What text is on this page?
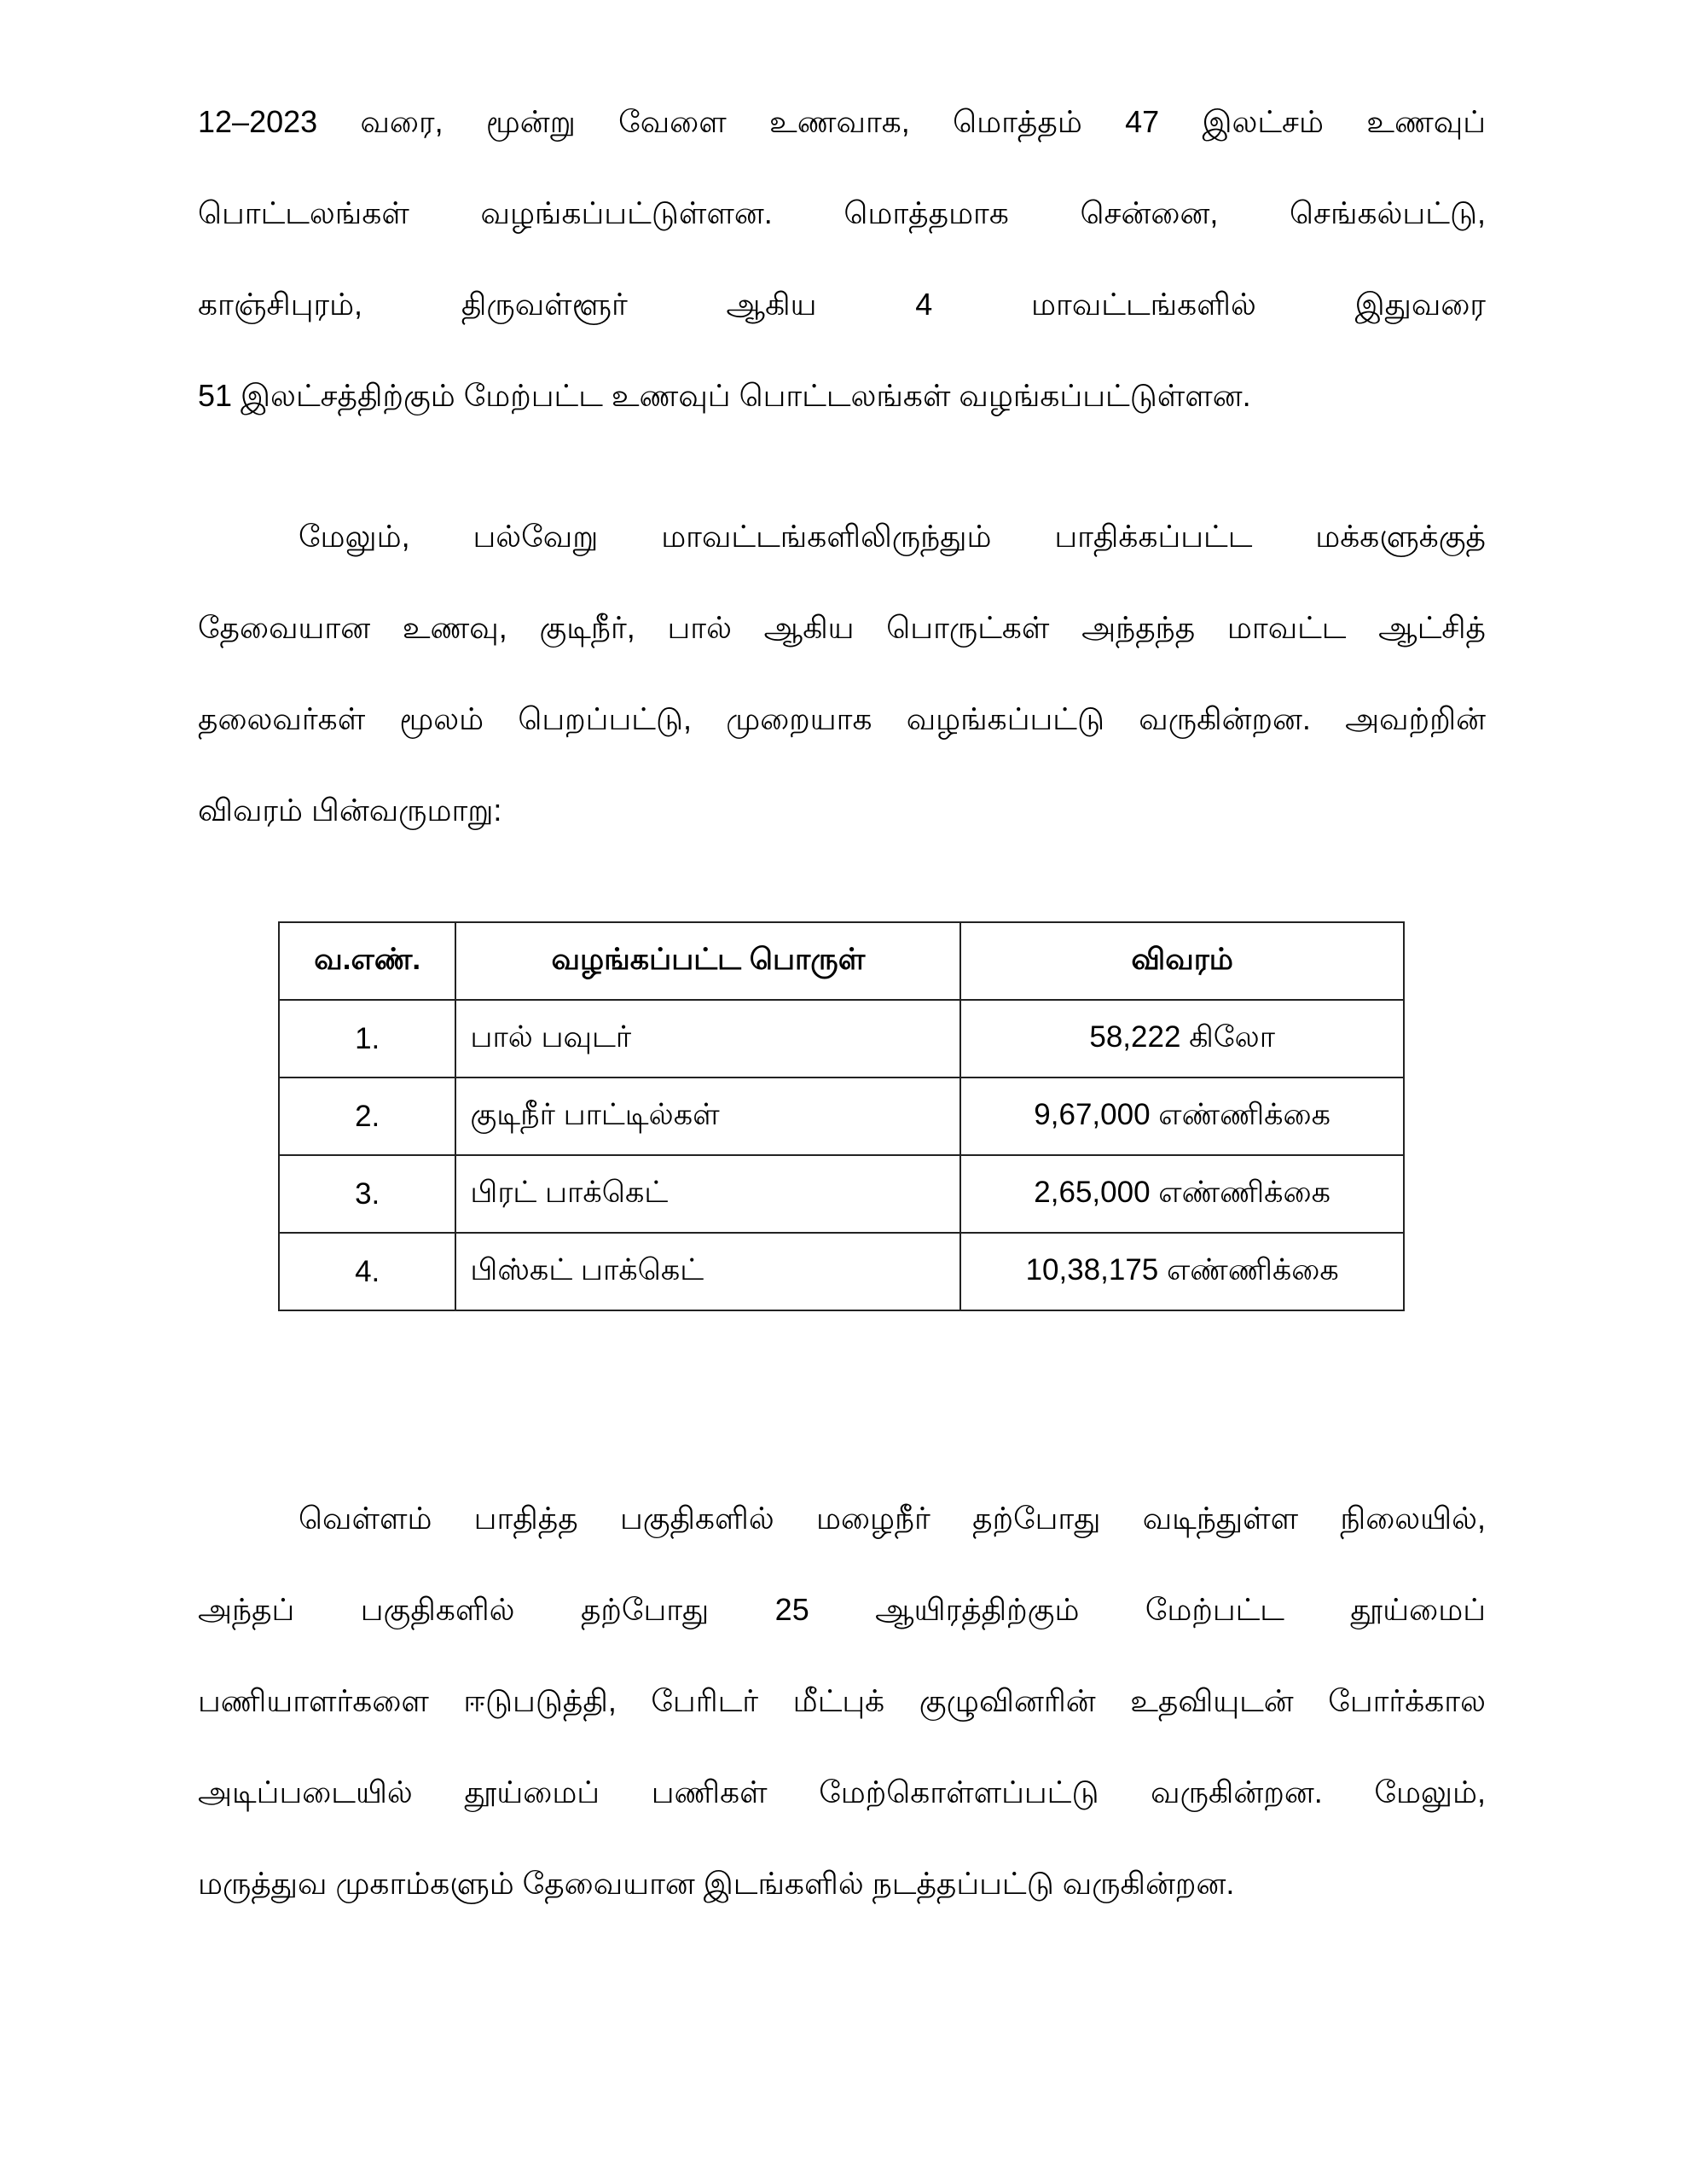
12–2023 வரை, மூன்று வேளை உணவாக, மொத்தம் 47 இலட்சம் உணவுப்
பொட்டலங்கள் வழங்கப்பட்டுள்ளன. மொத்தமாக சென்னை, செங்கல்பட்டு,
காஞ்சிபுரம், திருவள்ளூர் ஆகிய 4 மாவட்டங்களில் இதுவரை
51 இலட்சத்திற்கும் மேற்பட்ட உணவுப் பொட்டலங்கள் வழங்கப்பட்டுள்ளன.
மேலும், பல்வேறு மாவட்டங்களிலிருந்தும் பாதிக்கப்பட்ட மக்களுக்குத்
தேவையான உணவு, குடிநீர், பால் ஆகிய பொருட்கள் அந்தந்த மாவட்ட ஆட்சித்
தலைவர்கள் மூலம் பெறப்பட்டு, முறையாக வழங்கப்பட்டு வருகின்றன. அவற்றின்
விவரம் பின்வருமாறு:
வ.எண்.	வழங்கப்பட்ட பொருள்	விவரம்
1.	பால் பவுடர்	58,222 கிலோ
2.	குடிநீர் பாட்டில்கள்	9,67,000 எண்ணிக்கை
3.	பிரட் பாக்கெட்	2,65,000 எண்ணிக்கை
4.	பிஸ்கட் பாக்கெட்	10,38,175 எண்ணிக்கை
வெள்ளம் பாதித்த பகுதிகளில் மழைநீர் தற்போது வடிந்துள்ள நிலையில்,
அந்தப் பகுதிகளில் தற்போது 25 ஆயிரத்திற்கும் மேற்பட்ட தூய்மைப்
பணியாளர்களை ஈடுபடுத்தி, பேரிடர் மீட்புக் குழுவினரின் உதவியுடன் போர்க்கால
அடிப்படையில் தூய்மைப் பணிகள் மேற்கொள்ளப்பட்டு வருகின்றன. மேலும்,
மருத்துவ முகாம்களும் தேவையான இடங்களில் நடத்தப்பட்டு வருகின்றன.
